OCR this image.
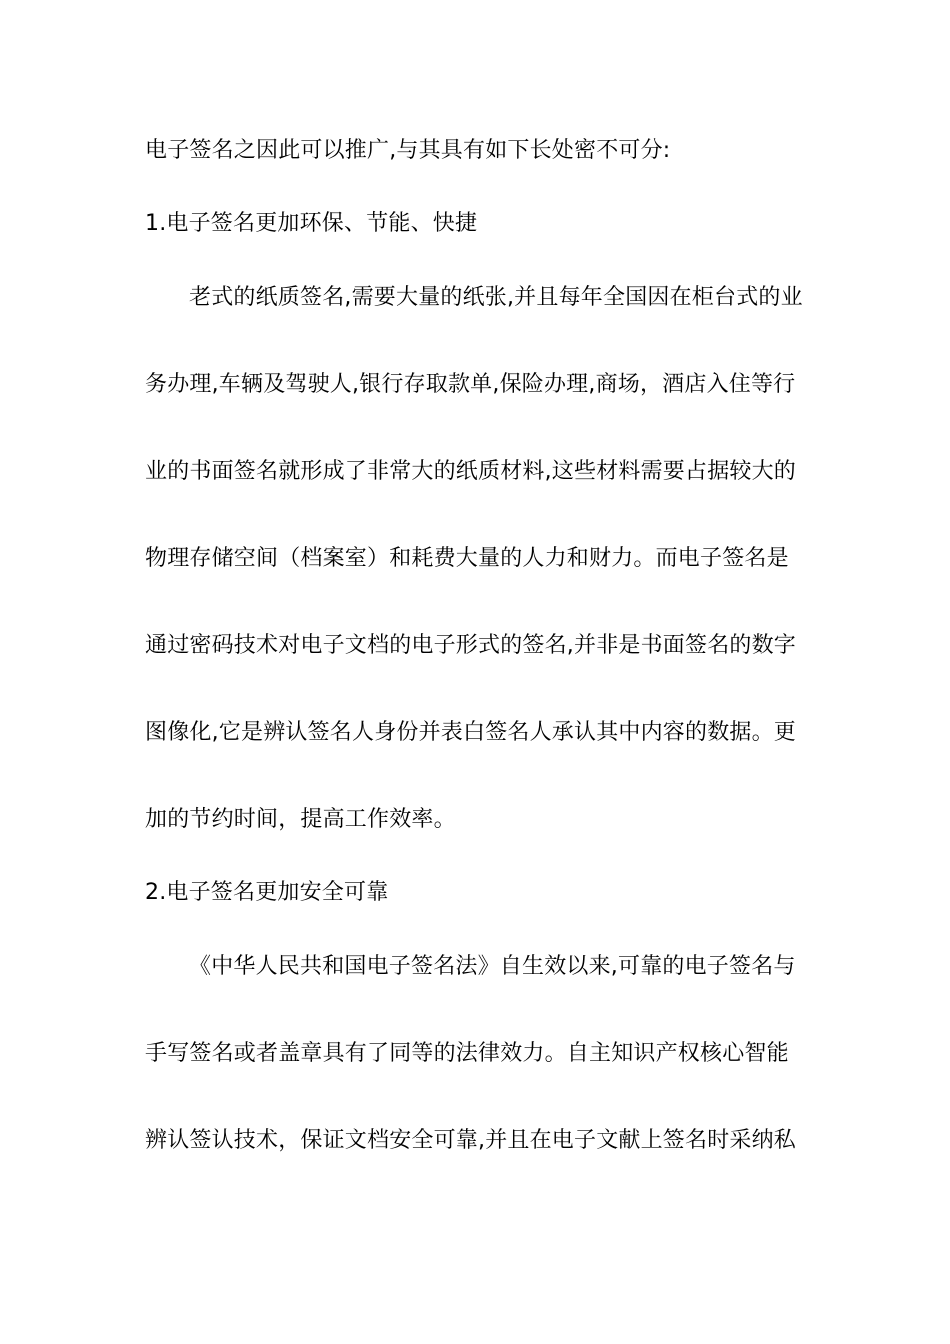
电子签名之因此可以推广,与其具有如下长处密不可分:
1.电子签名更加环保、节能、快捷
老式的纸质签名,需要大量的纸张,并且每年全国因在柜台式的业
务办理,车辆及驾驶人,银行存取款单,保险办理,商场，酒店入住等行
业的书面签名就形成了非常大的纸质材料,这些材料需要占据较大的
物理存储空间（档案室）和耗费大量的人力和财力。而电子签名是
通过密码技术对电子文档的电子形式的签名,并非是书面签名的数字
图像化,它是辨认签名人身份并表白签名人承认其中内容的数据。更
加的节约时间，提高工作效率。
2.电子签名更加安全可靠
《中华人民共和国电子签名法》自生效以来,可靠的电子签名与
手写签名或者盖章具有了同等的法律效力。自主知识产权核心智能
辨认签认技术，保证文档安全可靠,并且在电子文献上签名时采纳私
